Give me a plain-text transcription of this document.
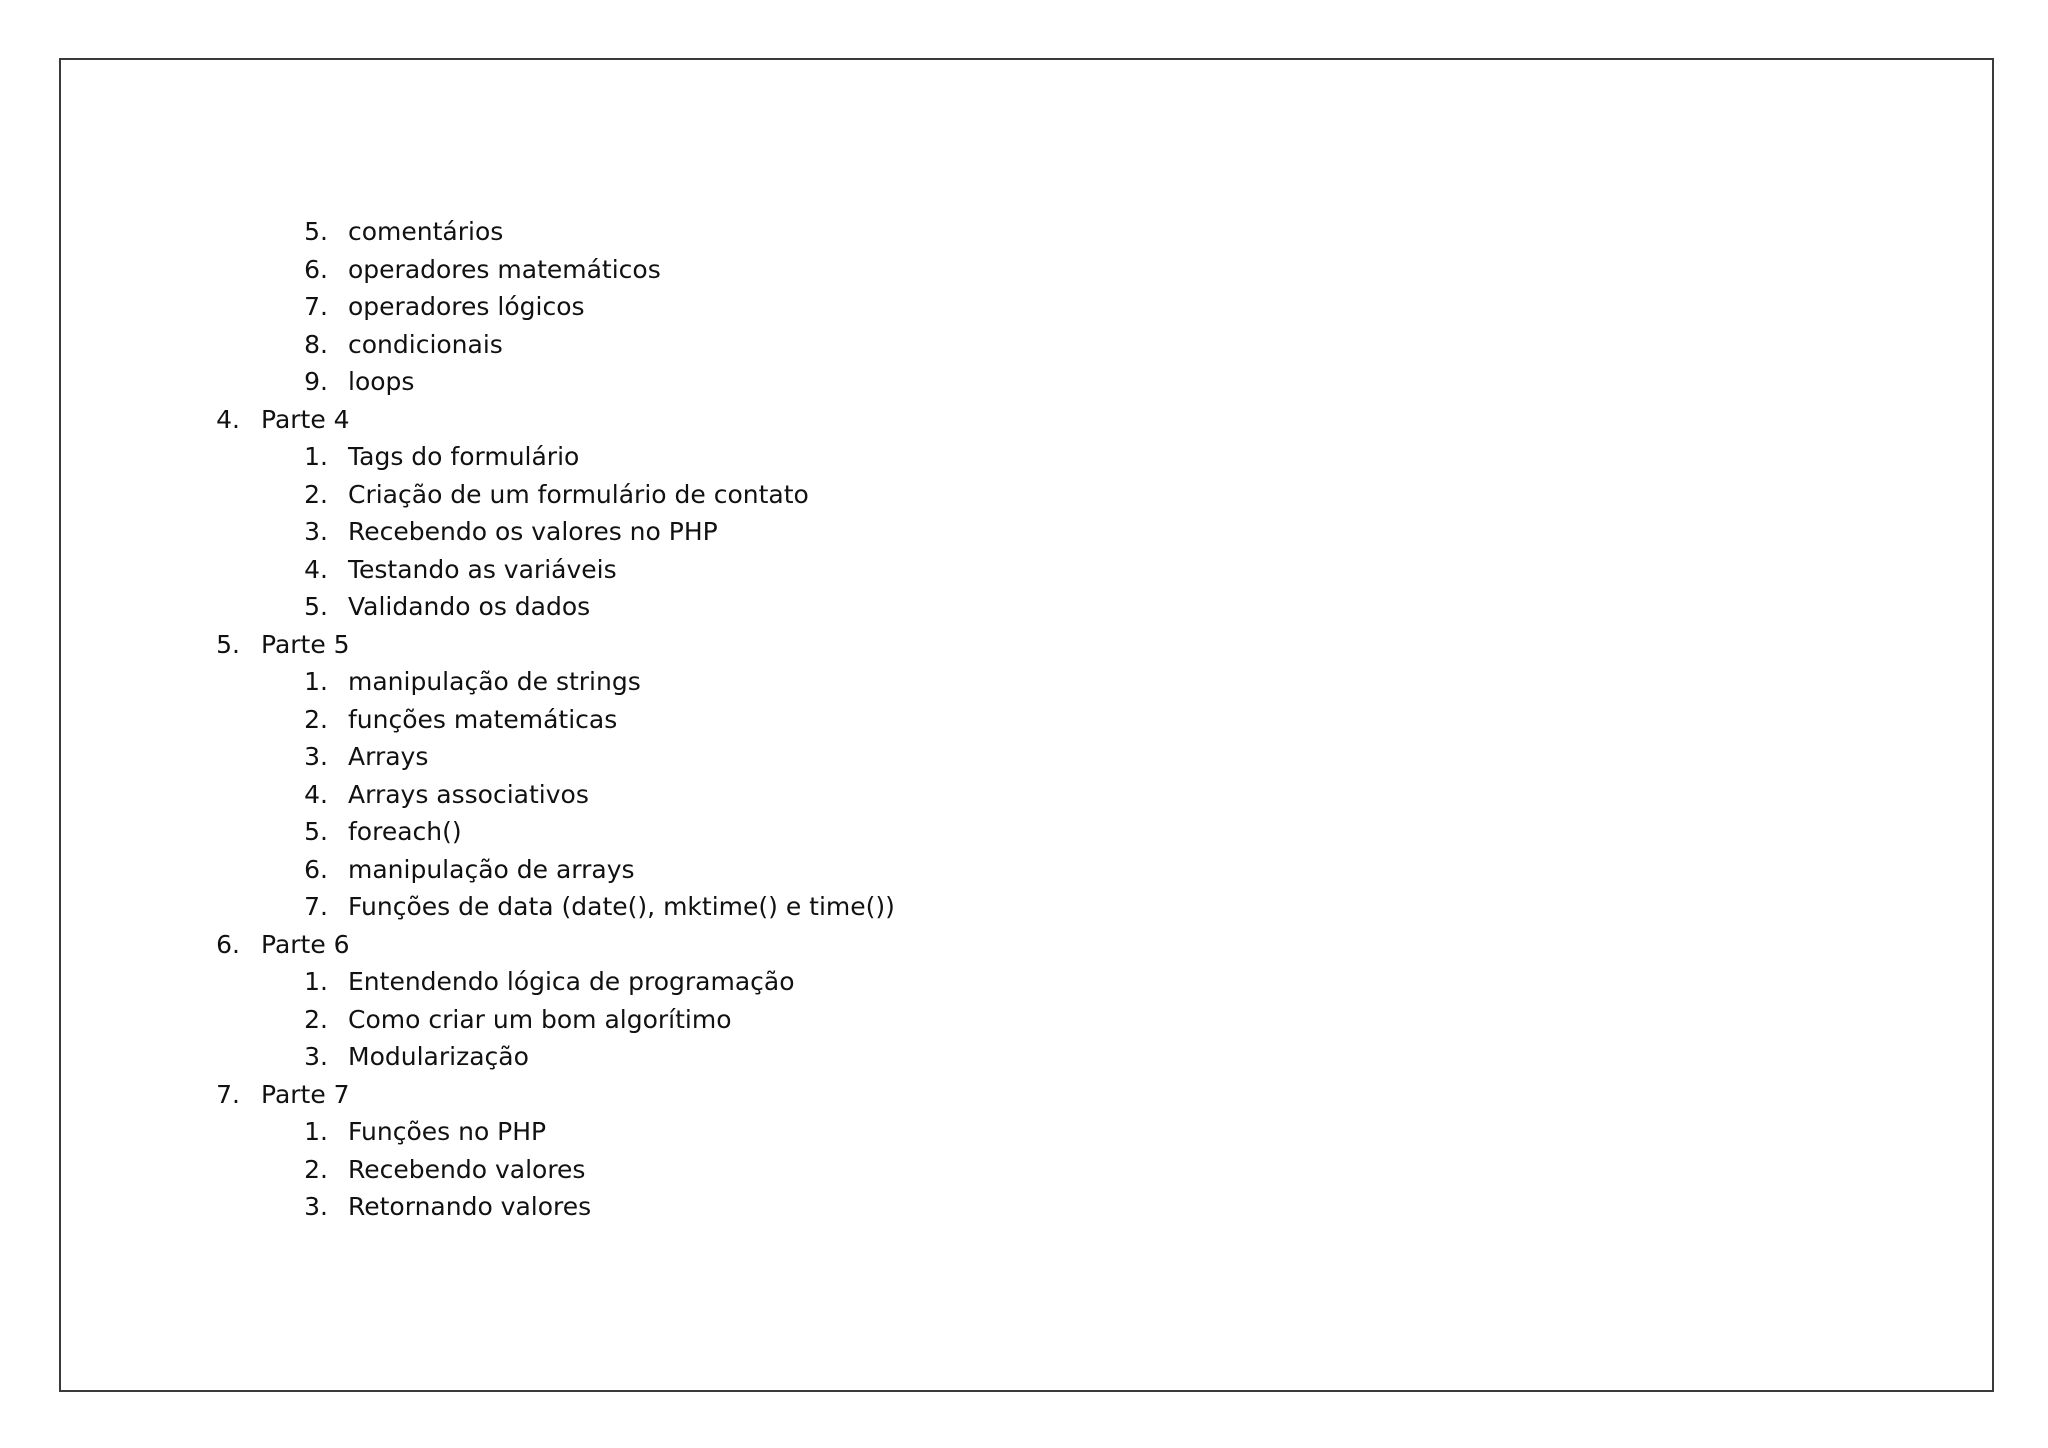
5. comentários
6. operadores matemáticos
7. operadores lógicos
8. condicionais
9. loops
4. Parte 4
1. Tags do formulário
2. Criação de um formulário de contato
3. Recebendo os valores no PHP
4. Testando as variáveis
5. Validando os dados
5. Parte 5
1. manipulação de strings
2. funções matemáticas
3. Arrays
4. Arrays associativos
5. foreach()
6. manipulação de arrays
7. Funções de data (date(), mktime() e time())
6. Parte 6
1. Entendendo lógica de programação
2. Como criar um bom algorítimo
3. Modularização
7. Parte 7
1. Funções no PHP
2. Recebendo valores
3. Retornando valores
